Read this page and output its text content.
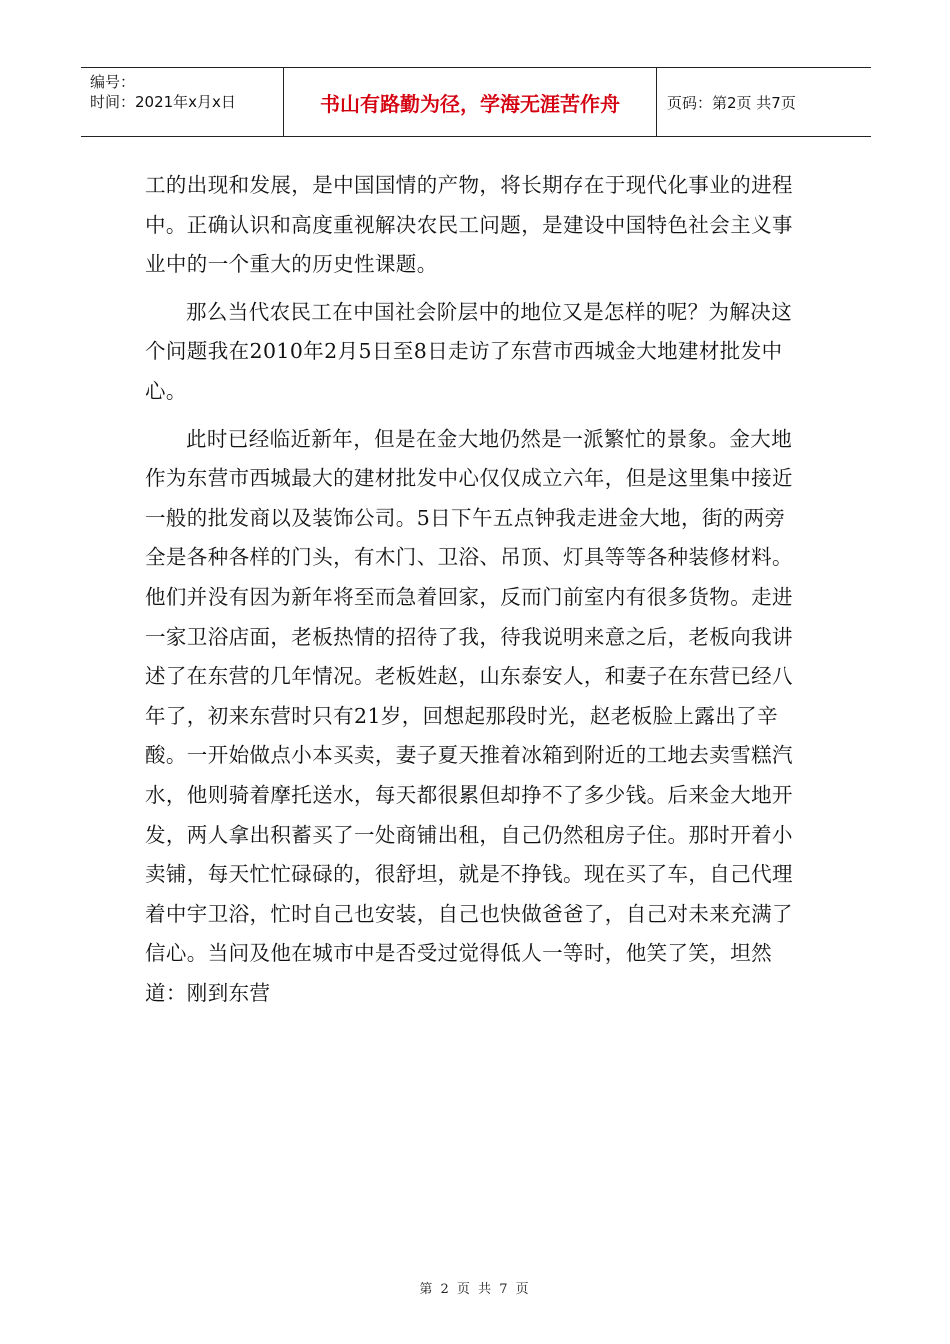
编号：
时间：2021年x月x日	书山有路勤为径，学海无涯苦作舟	页码：第2页 共7页

工的出现和发展，是中国国情的产物，将长期存在于现代化事业的进程中。正确认识和高度重视解决农民工问题，是建设中国特色社会主义事业中的一个重大的历史性课题。

那么当代农民工在中国社会阶层中的地位又是怎样的呢？为解决这个问题我在2010年2月5日至8日走访了东营市西城金大地建材批发中心。

此时已经临近新年，但是在金大地仍然是一派繁忙的景象。金大地作为东营市西城最大的建材批发中心仅仅成立六年，但是这里集中接近一般的批发商以及装饰公司。5日下午五点钟我走进金大地，街的两旁全是各种各样的门头，有木门、卫浴、吊顶、灯具等等各种装修材料。他们并没有因为新年将至而急着回家，反而门前室内有很多货物。走进一家卫浴店面，老板热情的招待了我，待我说明来意之后，老板向我讲述了在东营的几年情况。老板姓赵，山东泰安人，和妻子在东营已经八年了，初来东营时只有21岁，回想起那段时光，赵老板脸上露出了辛酸。一开始做点小本买卖，妻子夏天推着冰箱到附近的工地去卖雪糕汽水，他则骑着摩托送水，每天都很累但却挣不了多少钱。后来金大地开发，两人拿出积蓄买了一处商铺出租，自己仍然租房子住。那时开着小卖铺，每天忙忙碌碌的，很舒坦，就是不挣钱。现在买了车，自己代理着中宇卫浴，忙时自己也安装，自己也快做爸爸了，自己对未来充满了信心。当问及他在城市中是否受过觉得低人一等时，他笑了笑，坦然道：刚到东营

第 2 页 共 7 页
